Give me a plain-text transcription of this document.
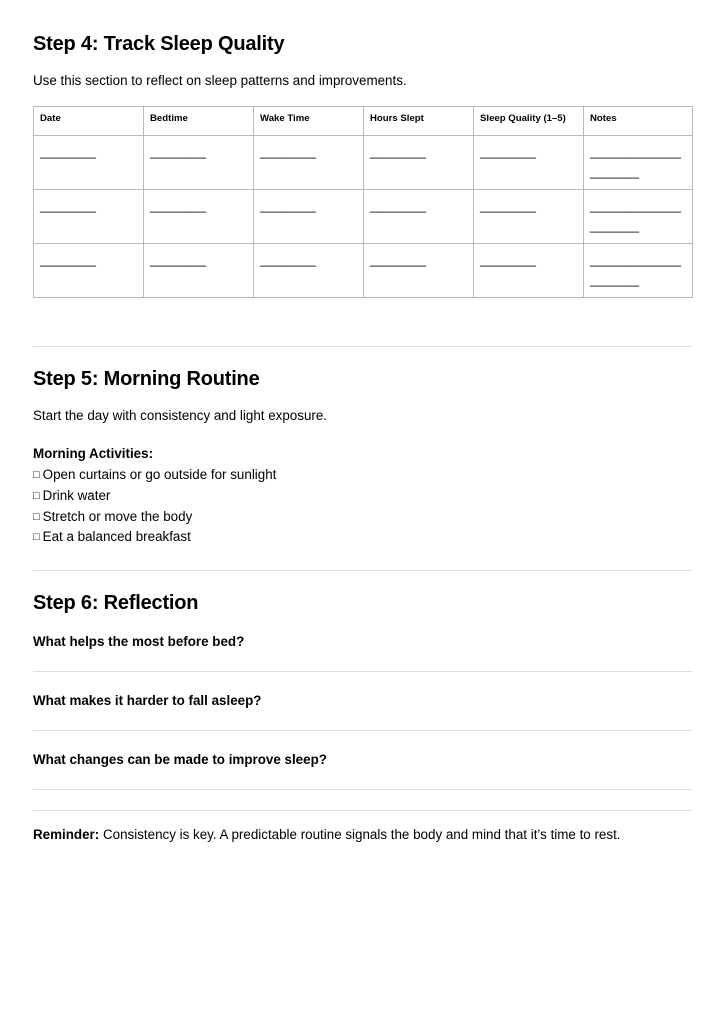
Step 4: Track Sleep Quality

Use this section to reflect on sleep patterns and improvements.

Date	Bedtime	Wake Time	Hours Slept	Sleep Quality (1–5)	Notes
________	________	________	________	________	____________________
________	________	________	________	________	____________________
________	________	________	________	________	____________________
Step 5: Morning Routine

Start the day with consistency and light exposure.

Morning Activities:

□ Open curtains or go outside for sunlight

□ Drink water

□ Stretch or move the body

□ Eat a balanced breakfast

Step 6: Reflection

What helps the most before bed?

What makes it harder to fall asleep?

What changes can be made to improve sleep?

Reminder: Consistency is key. A predictable routine signals the body and mind that it’s time to rest.
